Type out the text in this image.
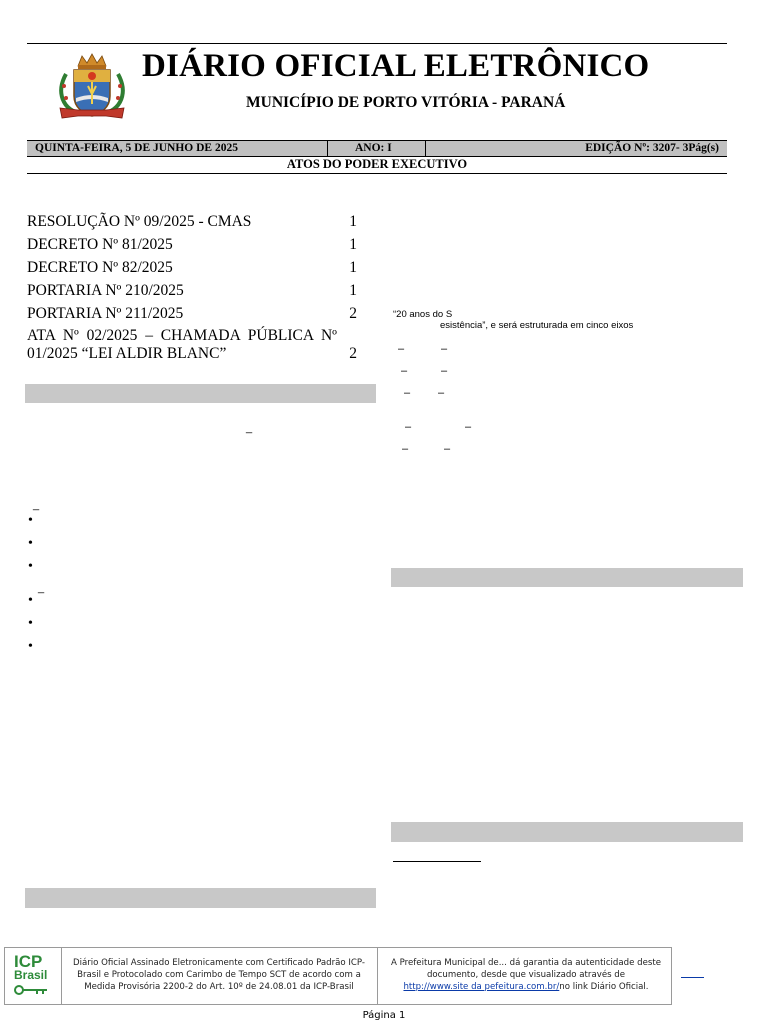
DIÁRIO OFICIAL ELETRÔNICO
MUNICÍPIO DE PORTO VITÓRIA - PARANÁ
QUINTA-FEIRA, 5 DE JUNHO DE 2025	ANO: I	EDIÇÃO Nº: 3207- 3Pág(s)
ATOS DO PODER EXECUTIVO
RESOLUÇÃO Nº 09/2025 - CMAS	1
DECRETO Nº 81/2025	1
DECRETO Nº 82/2025	1
PORTARIA Nº 210/2025	1
PORTARIA Nº 211/2025	2
ATA Nº 02/2025 – CHAMADA PÚBLICA Nº 01/2025 “LEI ALDIR BLANC”	2
_
_
_
•
•
•
•
•
•
“20 anos do S
esistência”, e será estruturada em cinco eixos
–	–
–	–
–	–
–	–
–	–
ICP
Brasil
Diário Oficial Assinado Eletronicamente com Certificado Padrão ICP-Brasil e Protocolado com Carimbo de Tempo SCT de acordo com a Medida Provisória 2200-2 do Art. 10º de 24.08.01 da ICP-Brasil
A Prefeitura Municipal de... dá garantia da autenticidade deste documento, desde que visualizado através de
http://www.site da pefeitura.com.br/no link Diário Oficial.
Página 1
